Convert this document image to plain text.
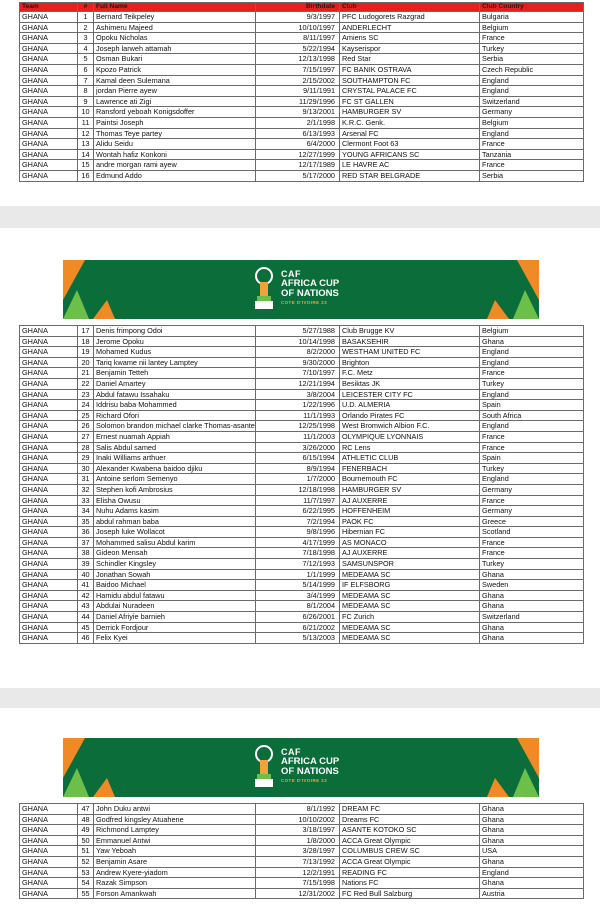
Team	#	Full Name	Birthdate	Club	Club Country
GHANA	1	Bernard Teikpeley	9/3/1997	PFC Ludogorets Razgrad	Bulgaria
GHANA	2	Ashimeru Majeed	10/10/1997	ANDERLECHT	Belgium
GHANA	3	Opoku Nicholas	8/11/1997	Amiens SC	France
GHANA	4	Joseph larweh attamah	5/22/1994	Kayserispor	Turkey
GHANA	5	Osman Bukari	12/13/1998	Red Star	Serbia
GHANA	6	Kpozo Patrick	7/15/1997	FC BANIK OSTRAVA	Czech Republic
GHANA	7	Kamal deen Sulemana	2/15/2002	SOUTHAMPTON FC	England
GHANA	8	jordan Pierre ayew	9/11/1991	CRYSTAL PALACE FC	England
GHANA	9	Lawrence ati Zigi	11/29/1996	FC ST GALLEN	Switzerland
GHANA	10	Ransford yeboah Konigsdoffer	9/13/2001	HAMBURGER SV	Germany
GHANA	11	Paintsi Joseph	2/1/1998	K.R.C. Genk.	Belgium
GHANA	12	Thomas Teye partey	6/13/1993	Arsenal FC	England
GHANA	13	Alidu Seidu	6/4/2000	Clermont Foot 63	France
GHANA	14	Wontah hafiz Konkoni	12/27/1999	YOUNG AFRICANS SC	Tanzania
GHANA	15	andre morgan rami ayew	12/17/1989	LE HAVRE AC	France
GHANA	16	Edmund Addo	5/17/2000	RED STAR BELGRADE	Serbia
CAF
AFRICA CUP
OF NATIONS
COTE D'IVOIRE 23
GHANA	17	Denis frimpong Odoi	5/27/1988	Club Brugge KV	Belgium
GHANA	18	Jerome Opoku	10/14/1998	BASAKSEHIR	Ghana
GHANA	19	Mohamed Kudus	8/2/2000	WESTHAM UNITED FC	England
GHANA	20	Tariq kwame nii lantey Lamptey	9/30/2000	Brighton	England
GHANA	21	Benjamin Tetteh	7/10/1997	F.C. Metz	France
GHANA	22	Daniel Amartey	12/21/1994	Besiktas JK	Turkey
GHANA	23	Abdul fatawu Issahaku	3/8/2004	LEICESTER CITY FC	England
GHANA	24	Iddrisu baba Mohammed	1/22/1996	U.D. ALMERIA	Spain
GHANA	25	Richard Ofori	11/1/1993	Orlando Pirates FC	South Africa
GHANA	26	Solomon brandon michael clarke Thomas-asante	12/25/1998	West Bromwich Albion F.C.	England
GHANA	27	Ernest nuamah Appiah	11/1/2003	OLYMPIQUE LYONNAIS	France
GHANA	28	Salis Abdul samed	3/26/2000	RC Lens	France
GHANA	29	Inaki Williams arthuer	6/15/1994	ATHLETIC CLUB	Spain
GHANA	30	Alexander Kwabena baidoo djiku	8/9/1994	FENERBACH	Turkey
GHANA	31	Antoine serlom Semenyo	1/7/2000	Bournemouth FC	England
GHANA	32	Stephen kofi Ambrosius	12/18/1998	HAMBURGER SV	Germany
GHANA	33	Elisha Owusu	11/7/1997	AJ AUXERRE	France
GHANA	34	Nuhu Adams kasim	6/22/1995	HOFFENHEIM	Germany
GHANA	35	abdul rahman baba	7/2/1994	PAOK FC	Greece
GHANA	36	Joseph luke Wollacot	9/8/1996	Hibernian FC	Scotland
GHANA	37	Mohammed salisu Abdul karim	4/17/1999	AS MONACO	France
GHANA	38	Gideon Mensah	7/18/1998	AJ AUXERRE	France
GHANA	39	Schindler Kingsley	7/12/1993	SAMSUNSPOR	Turkey
GHANA	40	Jonathan Sowah	1/1/1999	MEDEAMA SC	Ghana
GHANA	41	Baidoo Michael	5/14/1999	IF ELFSBORG	Sweden
GHANA	42	Hamidu abdul fatawu	3/4/1999	MEDEAMA SC	Ghana
GHANA	43	Abdulai Nuradeen	8/1/2004	MEDEAMA SC	Ghana
GHANA	44	Daniel Afriyie barnieh	6/26/2001	FC Zurich	Switzerland
GHANA	45	Derrick Fordjour	6/21/2002	MEDEAMA SC	Ghana
GHANA	46	Felix Kyei	5/13/2003	MEDEAMA SC	Ghana
CAF
AFRICA CUP
OF NATIONS
COTE D'IVOIRE 23
GHANA	47	John Duku antwi	8/1/1992	DREAM FC	Ghana
GHANA	48	Godfred kingsley Atuahene	10/10/2002	Dreams FC	Ghana
GHANA	49	Richmond Lamptey	3/18/1997	ASANTE KOTOKO SC	Ghana
GHANA	50	Emmanuel Antwi	1/8/2000	ACCA Great Olympic	Ghana
GHANA	51	Yaw Yeboah	3/28/1997	COLUMBUS CREW SC	USA
GHANA	52	Benjamin Asare	7/13/1992	ACCA Great Olympic	Ghana
GHANA	53	Andrew Kyere-yiadom	12/2/1991	READING FC	England
GHANA	54	Razak Simpson	7/15/1998	Nations FC	Ghana
GHANA	55	Forson Amankwah	12/31/2002	FC Red Bull Salzburg	Austria
